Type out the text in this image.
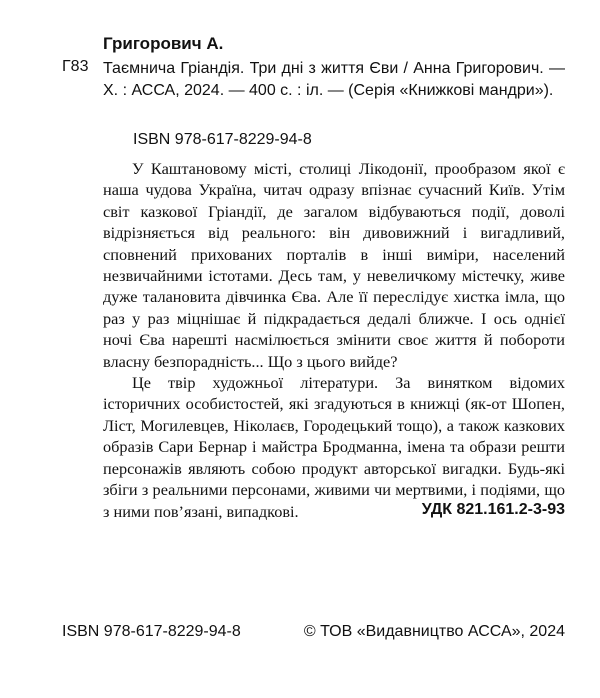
Григорович А.
Г83 Таємнича Гріандія. Три дні з життя Єви / Анна Григорович. — Х. : АССА, 2024. — 400 с. : іл. — (Серія «Книжкові мандри»).
ISBN 978-617-8229-94-8

У Каштановому місті, столиці Лікодонії, прообразом якої є наша чудова Україна, читач одразу впізнає сучасний Київ. Утім світ казкової Гріандії, де загалом відбуваються події, доволі відрізняється від реального: він дивовижний і вигадливий, сповнений прихованих порталів в інші виміри, населений незвичайними істотами. Десь там, у невеличкому містечку, живе дуже талановита дівчинка Єва. Але її переслідує хистка імла, що раз у раз міцнішає й підкрадається дедалі ближче. І ось однієї ночі Єва нарешті насмілюється змінити своє життя й побороти власну безпорадність... Що з цього вийде?

Це твір художньої літератури. За винятком відомих історичних особистостей, які згадуються в книжці (як-от Шопен, Ліст, Могилевцев, Ніколаєв, Городецький тощо), а також казкових образів Сари Бернар і майстра Бродманна, імена та образи решти персонажів являють собою продукт авторської вигадки. Будь-які збіги з реальними персонами, живими чи мертвими, і подіями, що з ними пов’язані, випадкові.	УДК 821.161.2-3-93
ISBN 978-617-8229-94-8	© ТОВ «Видавництво АССА», 2024
